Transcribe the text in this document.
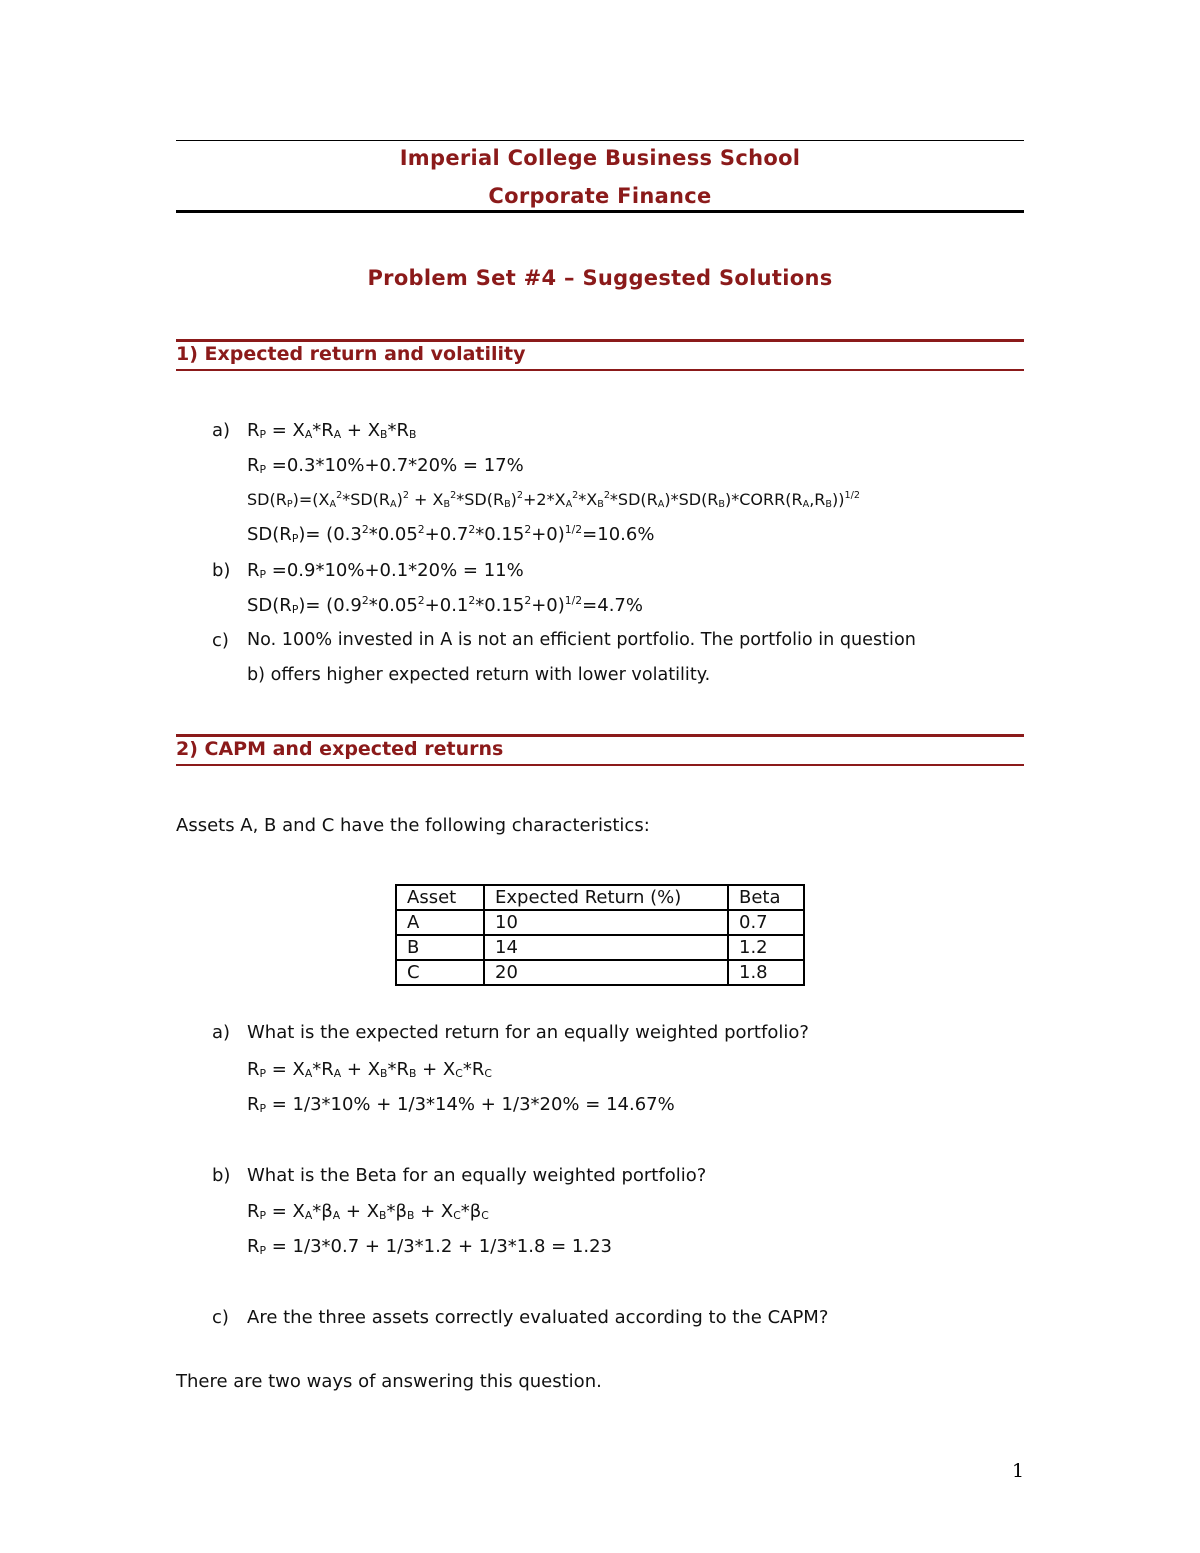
Imperial College Business School
Corporate Finance
Problem Set #4 – Suggested Solutions
1) Expected return and volatility
a) $R_P = X_A*R_A + X_B*R_B$
$R_P =0.3*10\%+0.7*20\% = 17\%$
$SD(R_P)=(X_A^2*SD(R_A)^2$ + $X_B^2*SD(R_B)^2+2*X_A^2*X_B^2*SD(R_A)*SD(R_B)*CORR(R_A,R_B))^{1/2}$
$SD(R_P)= (0.3^2*0.05^2+0.7^2*0.15^2+0)^{1/2}=10.6\%$
b) $R_P =0.9*10\%+0.1*20\% = 11\%$
$SD(R_P)= (0.9^2*0.05^2+0.1^2*0.15^2+0)^{1/2}=4.7\%$
c) No. 100% invested in A is not an efficient portfolio. The portfolio in question
b) offers higher expected return with lower volatility.
2) CAPM and expected returns
Assets A, B and C have the following characteristics:
Asset	Expected Return (%)	Beta
A	10	0.7
B	14	1.2
C	20	1.8
a) What is the expected return for an equally weighted portfolio?
$R_P = X_A*R_A + X_B*R_B + X_C*R_C$
$R_P = 1/3*10\% + 1/3*14\% + 1/3*20\% = 14.67\%$
b) What is the Beta for an equally weighted portfolio?
$R_P = X_A*\beta_A + X_B*\beta_B + X_C*\beta_C$
$R_P = 1/3*0.7 + 1/3*1.2 + 1/3*1.8 = 1.23$
c) Are the three assets correctly evaluated according to the CAPM?
There are two ways of answering this question.
1
